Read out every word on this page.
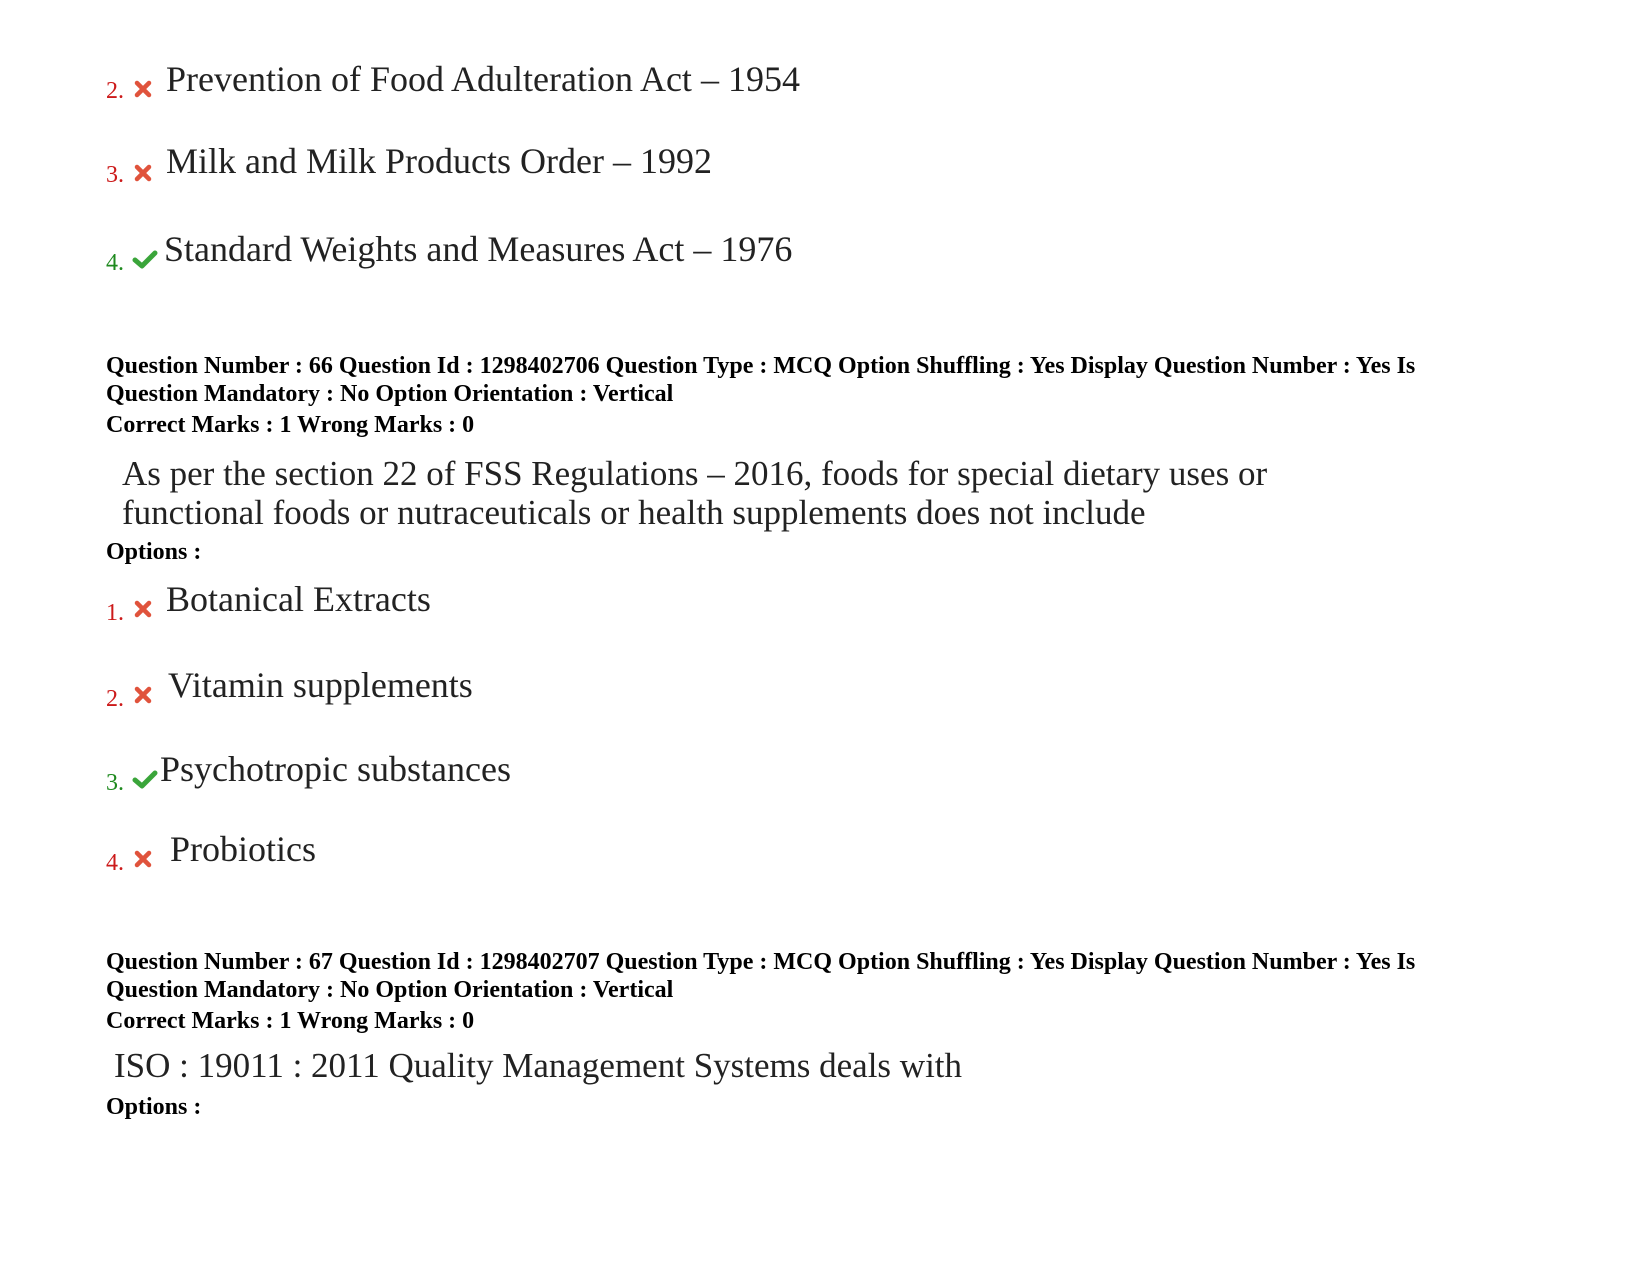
2. Prevention of Food Adulteration Act – 1954
3. Milk and Milk Products Order – 1992
4. Standard Weights and Measures Act – 1976
Question Number : 66 Question Id : 1298402706 Question Type : MCQ Option Shuffling : Yes Display Question Number : Yes Is
Question Mandatory : No Option Orientation : Vertical
Correct Marks : 1 Wrong Marks : 0
As per the section 22 of FSS Regulations – 2016, foods for special dietary uses or
functional foods or nutraceuticals or health supplements does not include
Options :
1. Botanical Extracts
2. Vitamin supplements
3. Psychotropic substances
4. Probiotics
Question Number : 67 Question Id : 1298402707 Question Type : MCQ Option Shuffling : Yes Display Question Number : Yes Is
Question Mandatory : No Option Orientation : Vertical
Correct Marks : 1 Wrong Marks : 0
ISO : 19011 : 2011 Quality Management Systems deals with
Options :
